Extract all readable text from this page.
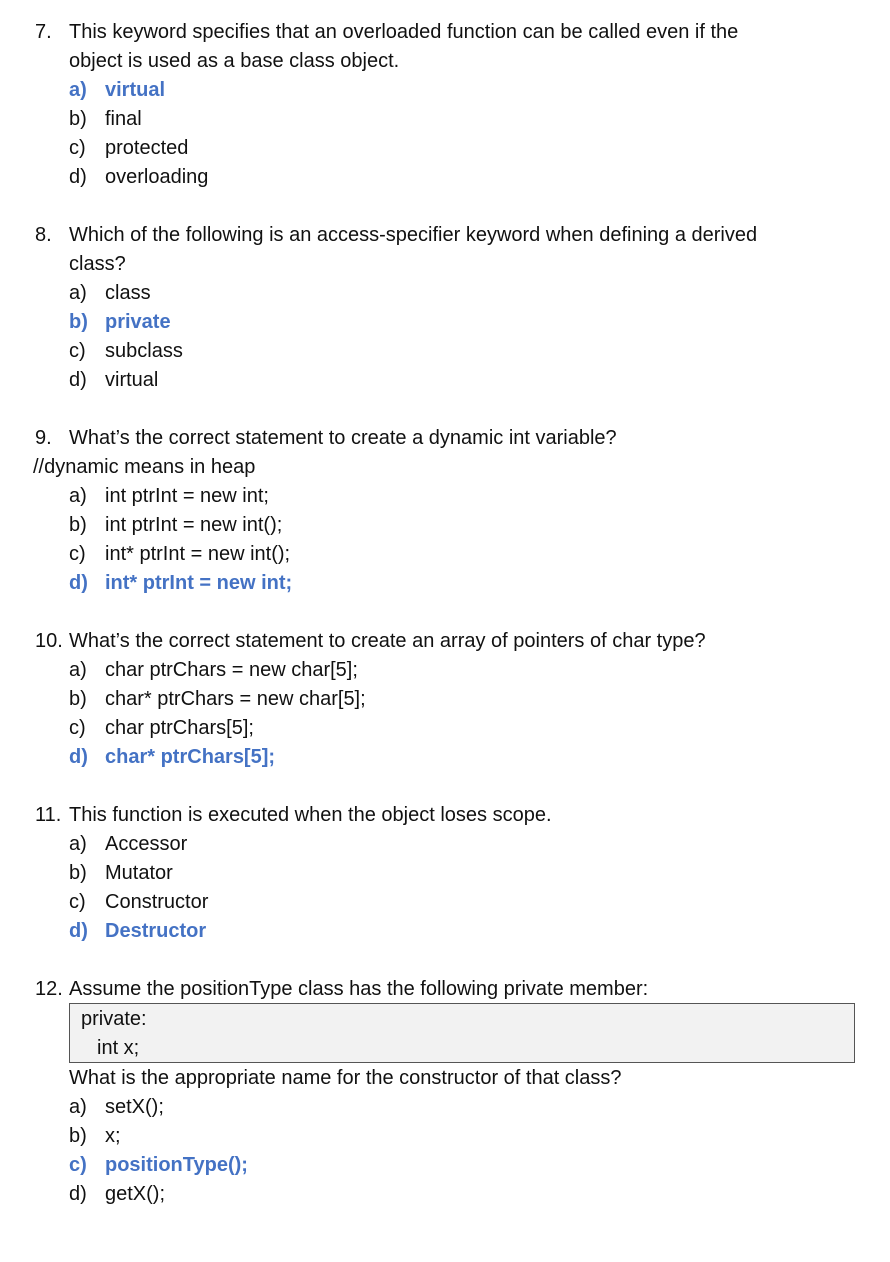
7. This keyword specifies that an overloaded function can be called even if the
object is used as a base class object.
a) virtual
b) final
c) protected
d) overloading
8. Which of the following is an access-specifier keyword when defining a derived
class?
a) class
b) private
c) subclass
d) virtual
9. What’s the correct statement to create a dynamic int variable?
//dynamic means in heap
a) int ptrInt = new int;
b) int ptrInt = new int();
c) int* ptrInt = new int();
d) int* ptrInt = new int;
10. What’s the correct statement to create an array of pointers of char type?
a) char ptrChars = new char[5];
b) char* ptrChars = new char[5];
c) char ptrChars[5];
d) char* ptrChars[5];
11. This function is executed when the object loses scope.
a) Accessor
b) Mutator
c) Constructor
d) Destructor
12. Assume the positionType class has the following private member:
private:
int x;
What is the appropriate name for the constructor of that class?
a) setX();
b) x;
c) positionType();
d) getX();
